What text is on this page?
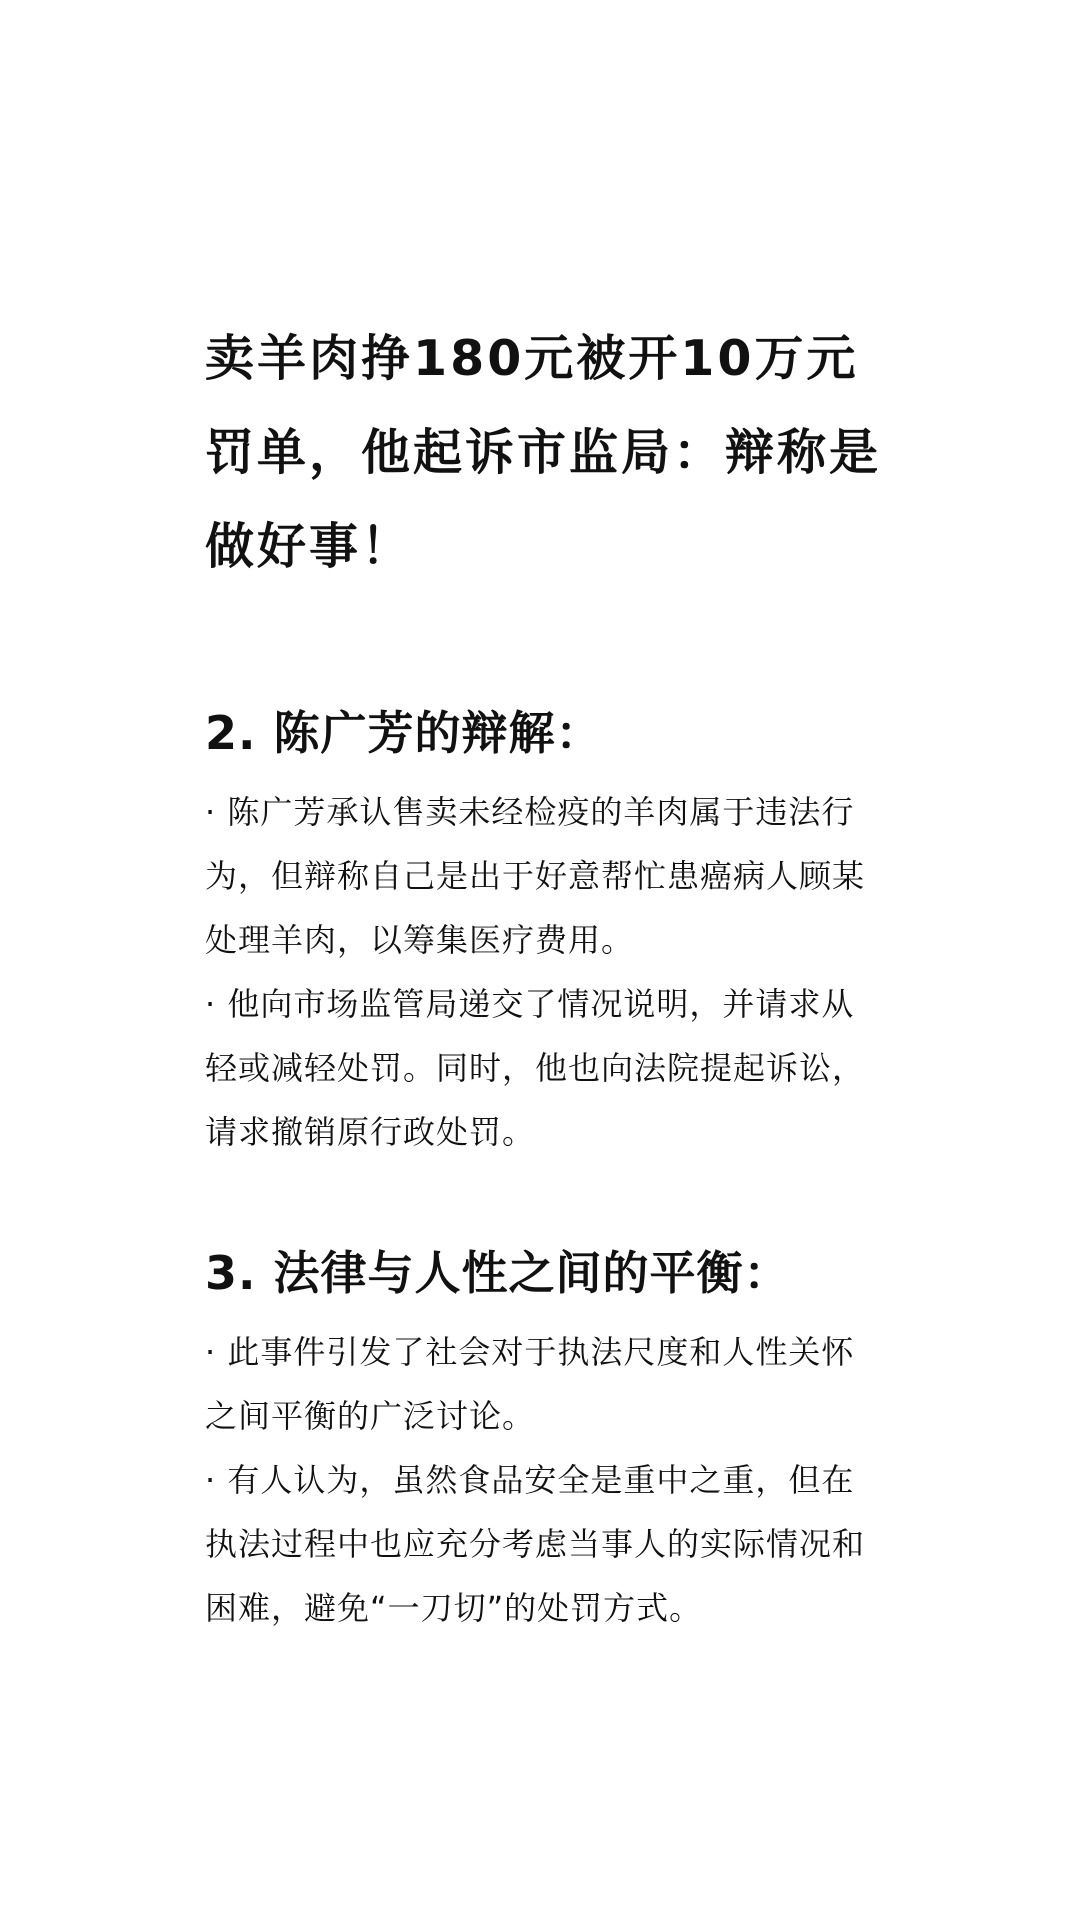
卖羊肉挣180元被开10万元罚单，他起诉市监局：辩称是做好事！
2. 陈广芳的辩解：

· 陈广芳承认售卖未经检疫的羊肉属于违法行为，但辩称自己是出于好意帮忙患癌病人顾某处理羊肉，以筹集医疗费用。

· 他向市场监管局递交了情况说明，并请求从轻或减轻处罚。同时，他也向法院提起诉讼，请求撤销原行政处罚。

3. 法律与人性之间的平衡：

· 此事件引发了社会对于执法尺度和人性关怀之间平衡的广泛讨论。

· 有人认为，虽然食品安全是重中之重，但在执法过程中也应充分考虑当事人的实际情况和困难，避免“一刀切”的处罚方式。
